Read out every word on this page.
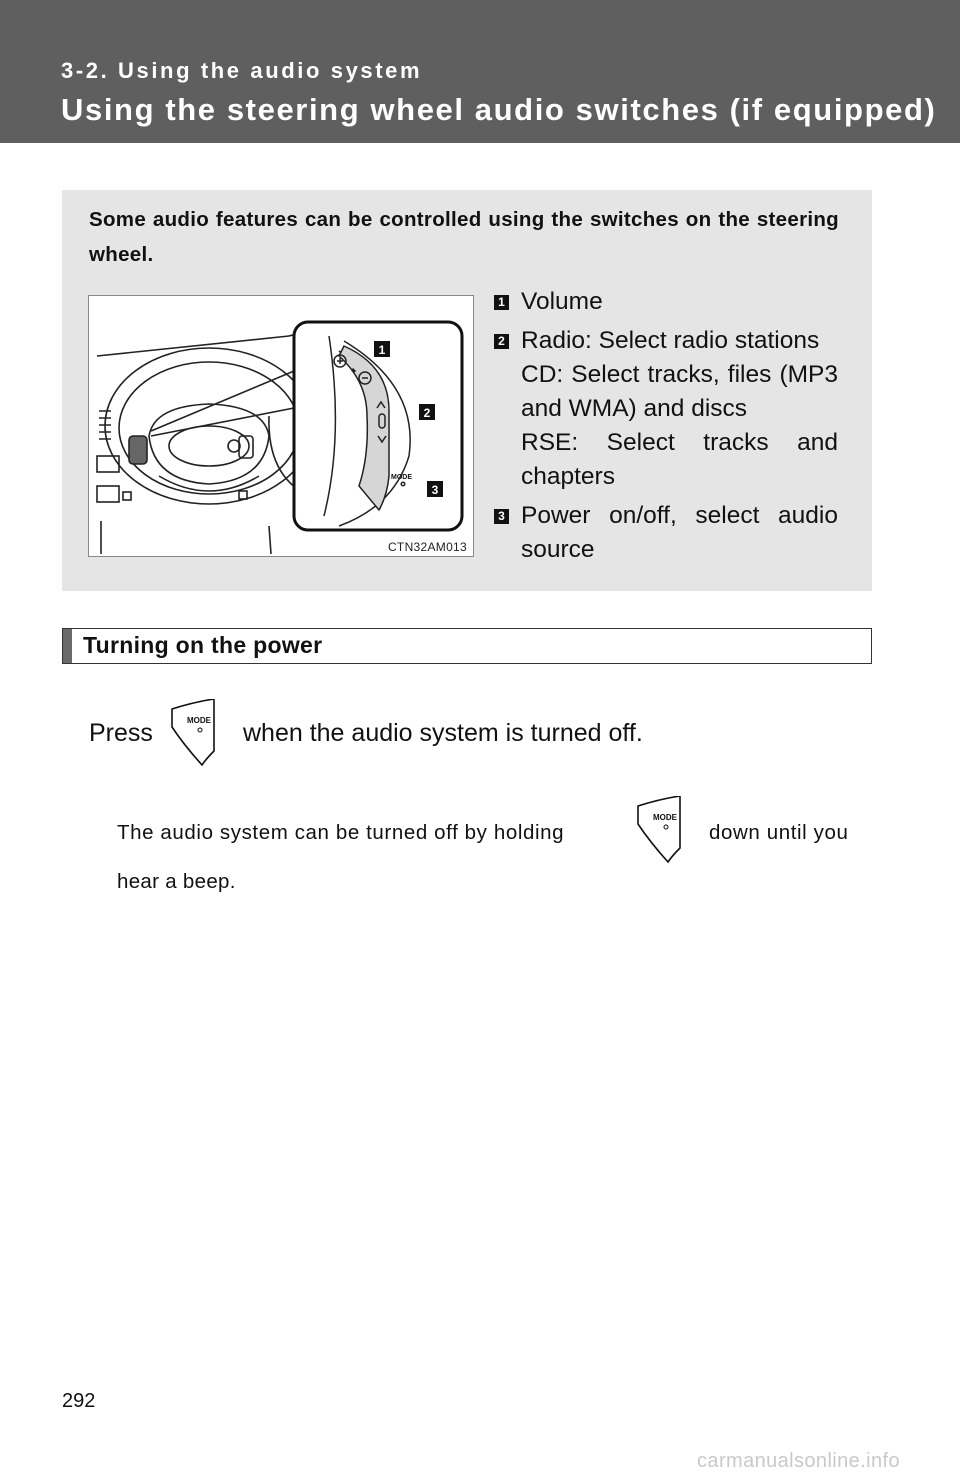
3-2. Using the audio system
Using the steering wheel audio switches (if equipped)
Some audio features can be controlled using the switches on the steering wheel.
MODE
1
2
3
CTN32AM013
1 Volume
2 Radio: Select radio stations
CD: Select tracks, files (MP3 and WMA) and discs
RSE: Select tracks and chapters
3 Power on/off, select audio source
Turning on the power
Press	MODE when the audio system is turned off.
The audio system can be turned off by holding
MODE
down until you
hear a beep.
292
carmanualsonline.info
